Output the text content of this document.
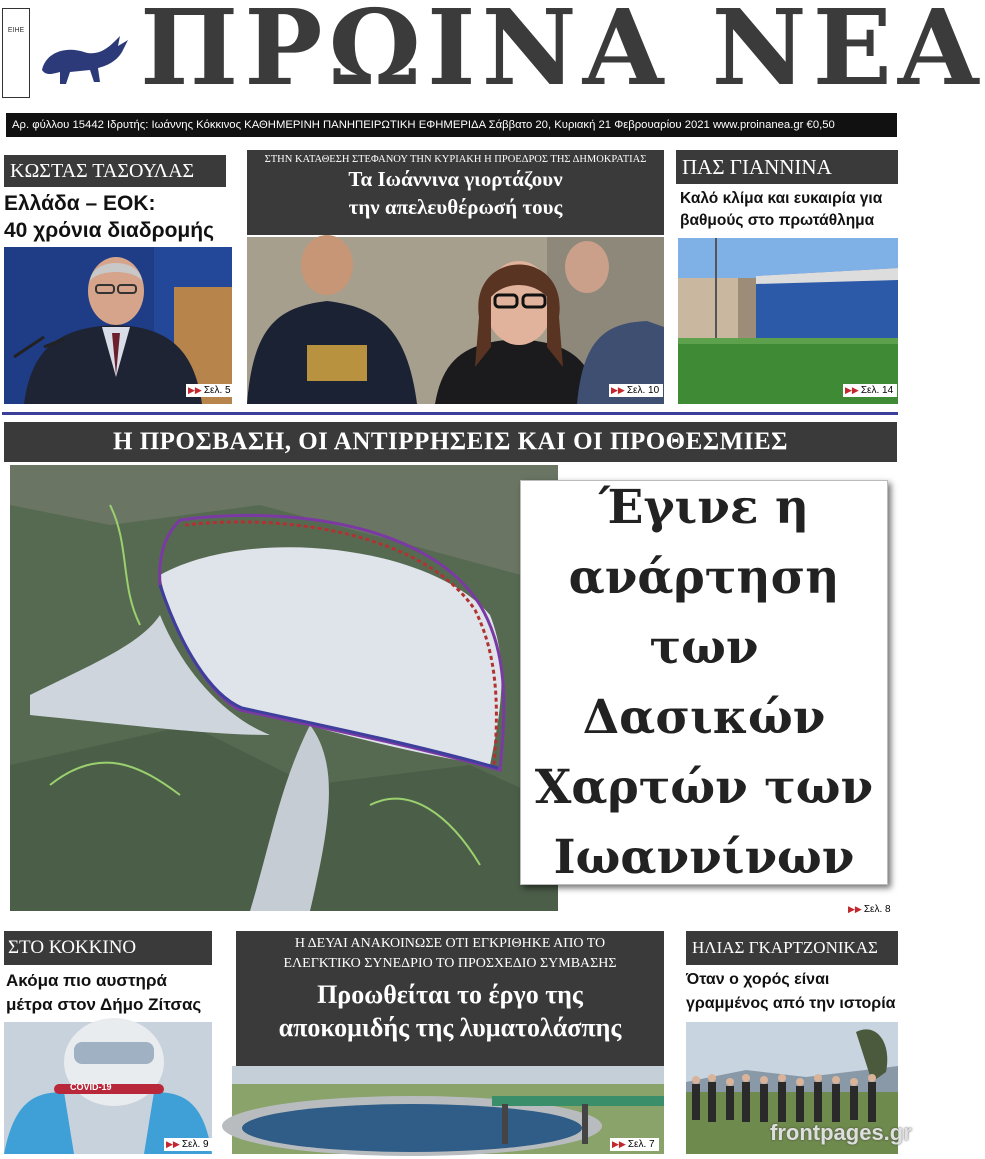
ΕΙΗΕ ΠΡΩΙΝΑ ΝΕΑ
Αρ. φύλλου 15442 Ιδρυτής: Ιωάννης Κόκκινος ΚΑΘΗΜΕΡΙΝΗ ΠΑΝΗΠΕΙΡΩΤΙΚΗ ΕΦΗΜΕΡΙΔΑ Σάββατο 20, Κυριακή 21 Φεβρουαρίου 2021 www.proinanea.gr €0,50
ΚΩΣΤΑΣ ΤΑΣΟΥΛΑΣ
Ελλάδα – ΕΟΚ:
40 χρόνια διαδρομής
▶▶ Σελ. 5
ΣΤΗΝ ΚΑΤΑΘΕΣΗ ΣΤΕΦΑΝΟΥ ΤΗΝ ΚΥΡΙΑΚΗ Η ΠΡΟΕΔΡΟΣ ΤΗΣ ΔΗΜΟΚΡΑΤΙΑΣ
Τα Ιωάννινα γιορτάζουν
την απελευθέρωσή τους
▶▶ Σελ. 10
ΠΑΣ ΓΙΑΝΝΙΝΑ
Καλό κλίμα και ευκαιρία για
βαθμούς στο πρωτάθλημα
▶▶ Σελ. 14
Η ΠΡΟΣΒΑΣΗ, ΟΙ ΑΝΤΙΡΡΗΣΕΙΣ ΚΑΙ ΟΙ ΠΡΟΘΕΣΜΙΕΣ
Έγινε η
ανάρτηση
των Δασικών
Χαρτών των
Ιωαννίνων
▶▶ Σελ. 8
ΣΤΟ ΚΟΚΚΙΝΟ
Ακόμα πιο αυστηρά
μέτρα στον Δήμο Ζίτσας
COVID-19
▶▶ Σελ. 9
Η ΔΕΥΑΙ ΑΝΑΚΟΙΝΩΣΕ ΟΤΙ ΕΓΚΡΙΘΗΚΕ ΑΠΟ ΤΟ
ΕΛΕΓΚΤΙΚΟ ΣΥΝΕΔΡΙΟ ΤΟ ΠΡΟΣΧΕΔΙΟ ΣΥΜΒΑΣΗΣ
Προωθείται το έργο της
αποκομιδής της λυματολάσπης
▶▶ Σελ. 7
ΗΛΙΑΣ ΓΚΑΡΤΖΟΝΙΚΑΣ
Όταν ο χορός είναι
γραμμένος από την ιστορία
frontpages.gr
